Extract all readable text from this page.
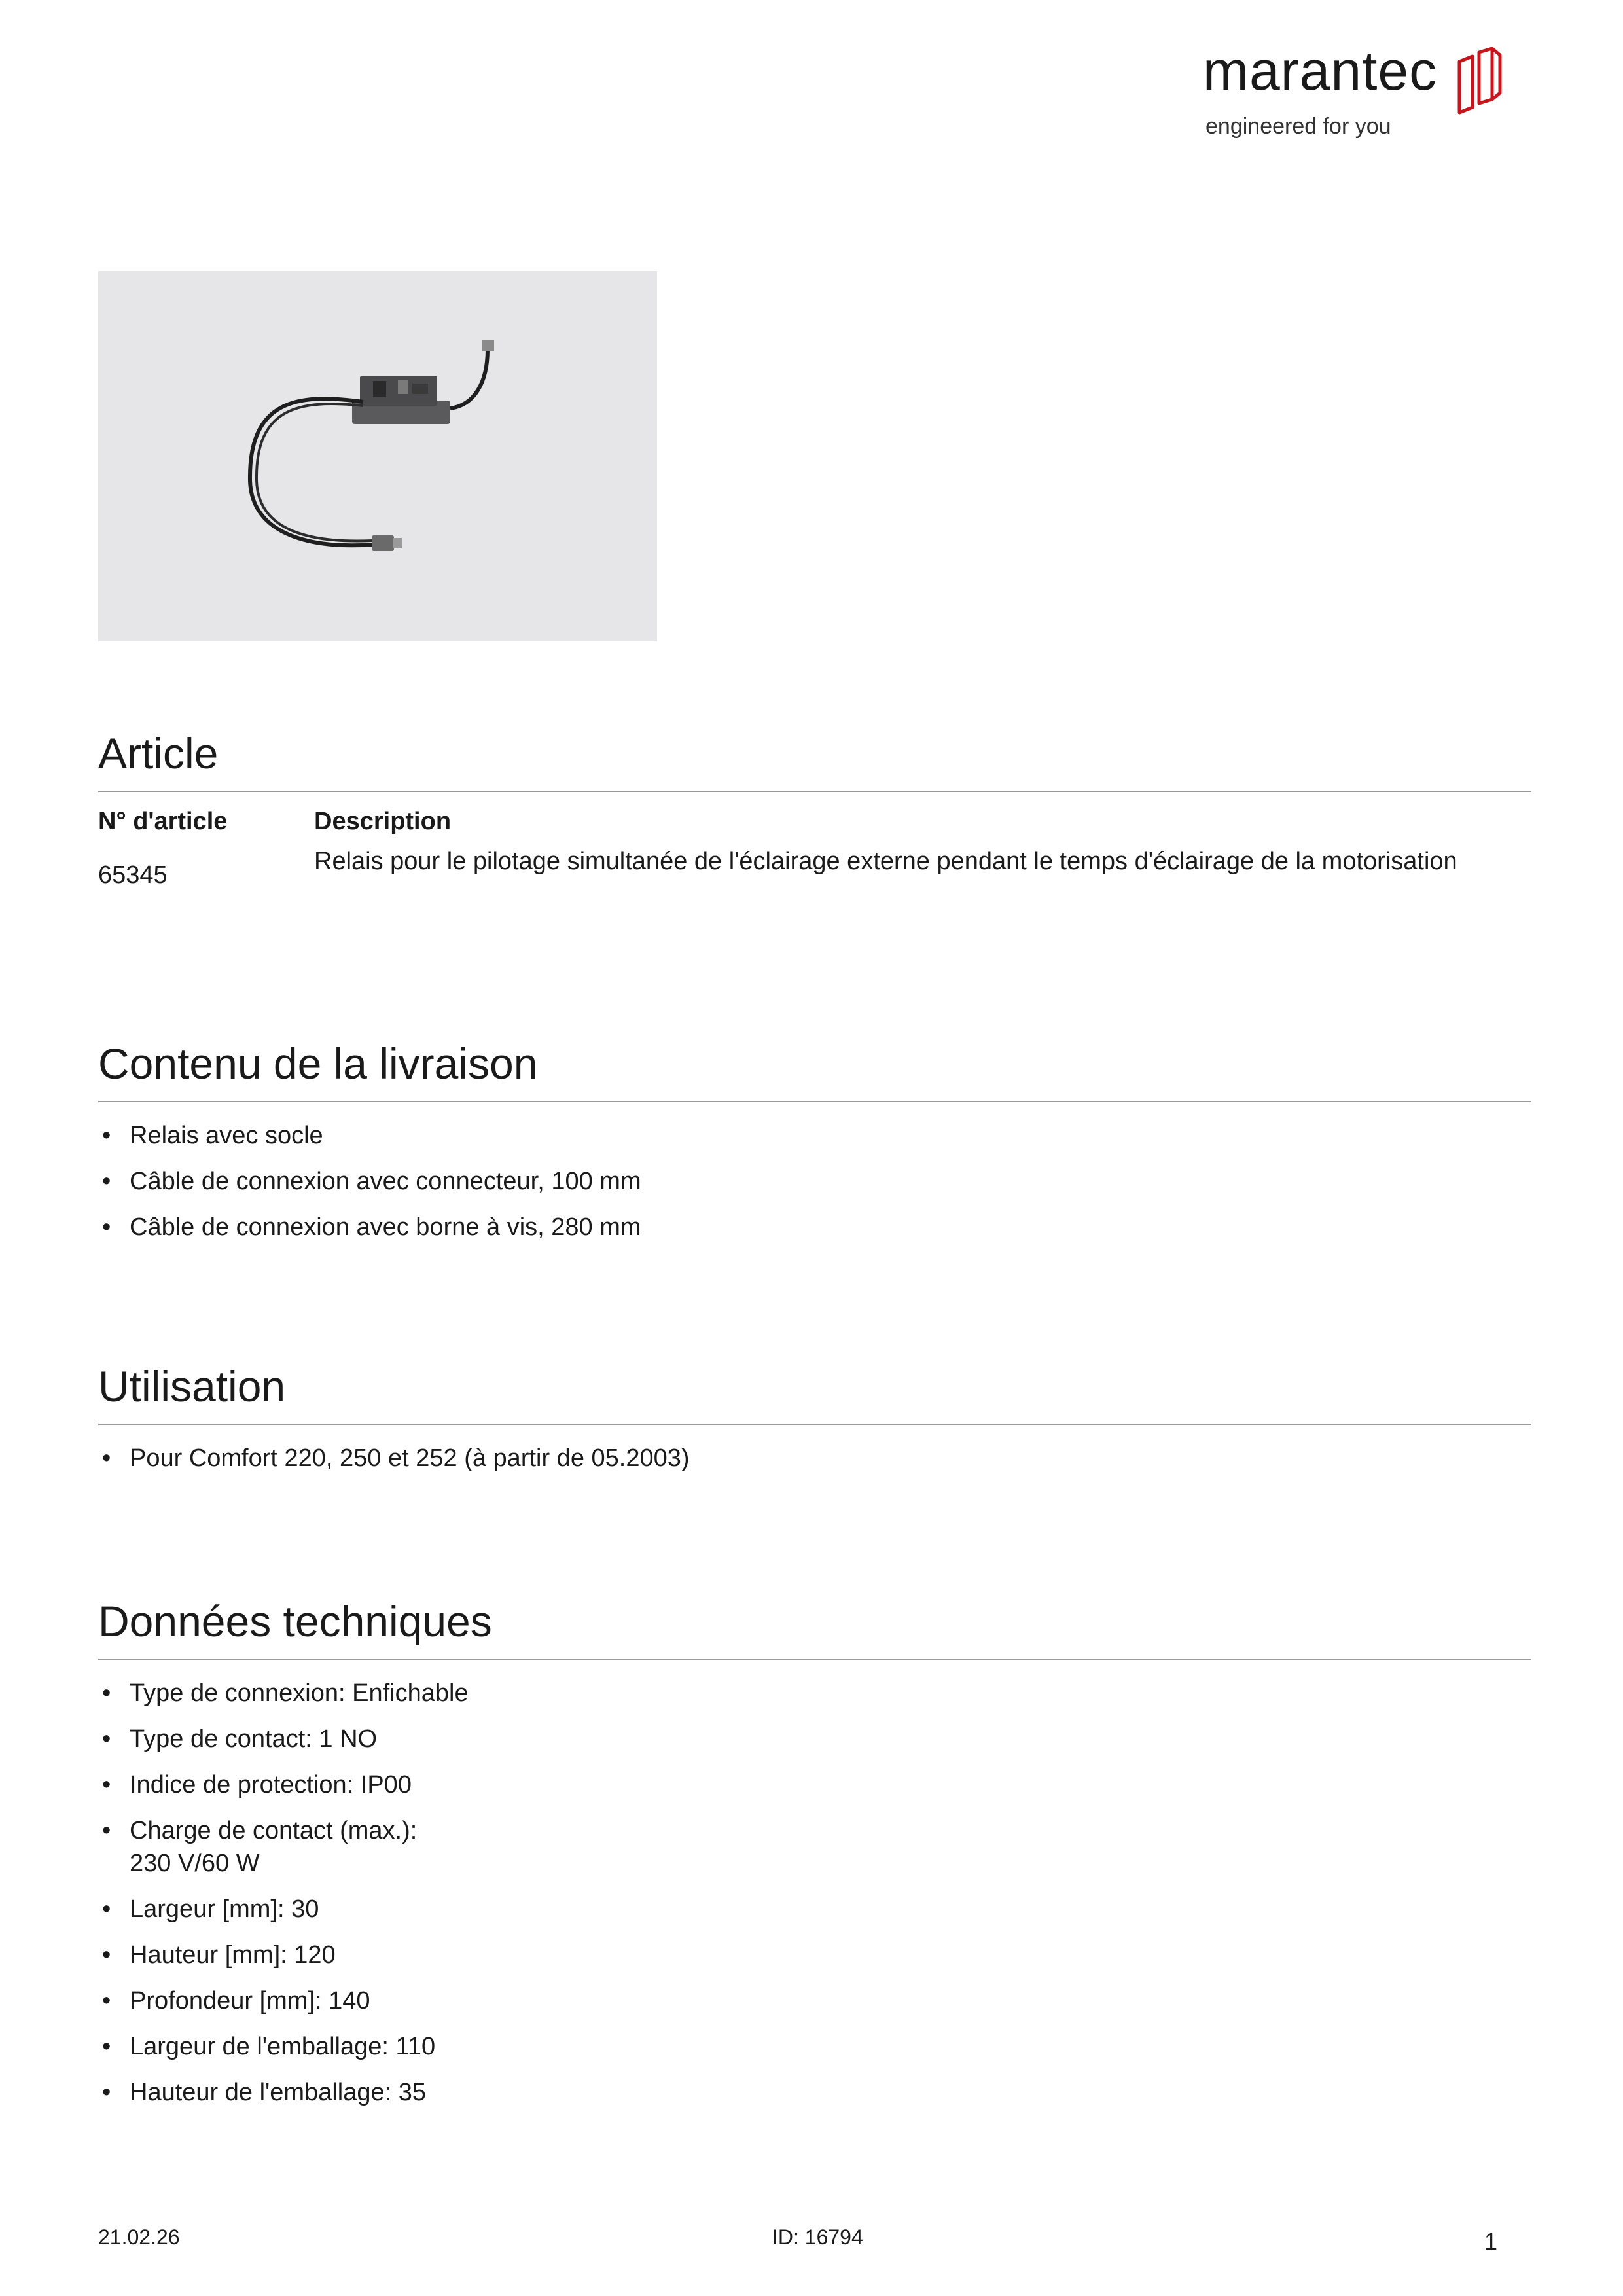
marantec
engineered for you
Article
N° d'article	Description
65345	Relais pour le pilotage simultanée de l'éclairage externe pendant le temps d'éclairage de la motorisation
Contenu de la livraison
• Relais avec socle
• Câble de connexion avec connecteur, 100 mm
• Câble de connexion avec borne à vis, 280 mm
Utilisation
• Pour Comfort 220, 250 et 252 (à partir de 05.2003)
Données techniques
• Type de connexion: Enfichable
• Type de contact: 1 NO
• Indice de protection: IP00
• Charge de contact (max.):
230 V/60 W
• Largeur [mm]: 30
• Hauteur [mm]: 120
• Profondeur [mm]: 140
• Largeur de l'emballage: 110
• Hauteur de l'emballage: 35
21.02.26	ID: 16794	1
